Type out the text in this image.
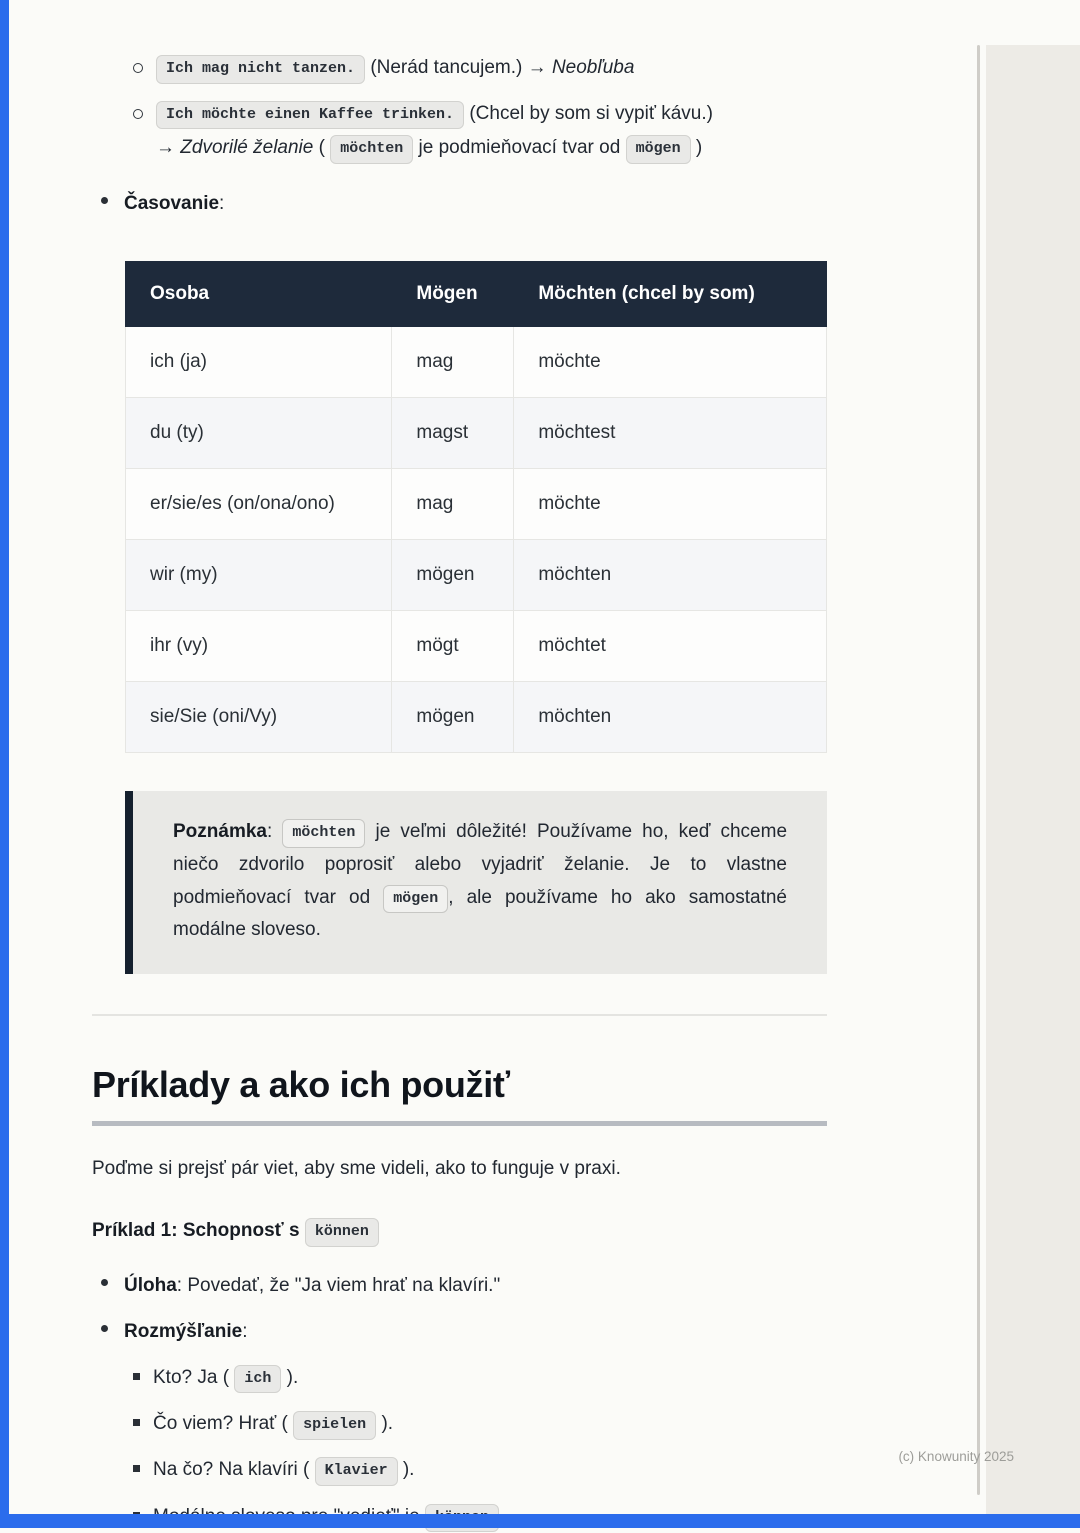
Ich mag nicht tanzen. (Nerád tancujem.) → Neobľuba
Ich möchte einen Kaffee trinken. (Chcel by som si vypiť kávu.)
→ Zdvorilé želanie ( möchten je podmieňovací tvar od mögen )
Časovanie:
Osoba	Mögen	Möchten (chcel by som)
ich (ja)	mag	möchte
du (ty)	magst	möchtest
er/sie/es (on/ona/ono)	mag	möchte
wir (my)	mögen	möchten
ihr (vy)	mögt	möchtet
sie/Sie (oni/Vy)	mögen	möchten
Poznámka: möchten je veľmi dôležité! Používame ho, keď chceme niečo zdvorilo poprosiť alebo vyjadriť želanie. Je to vlastne podmieňovací tvar od mögen , ale používame ho ako samostatné modálne sloveso.
Príklady a ako ich použiť

Poďme si prejsť pár viet, aby sme videli, ako to funguje v praxi.

Príklad 1: Schopnosť s können

Úloha: Povedať, že "Ja viem hrať na klavíri."
Rozmýšľanie:
Kto? Ja ( ich ).
Čo viem? Hrať ( spielen ).
Na čo? Na klavíri ( Klavier ).
(c) Knowunity 2025
